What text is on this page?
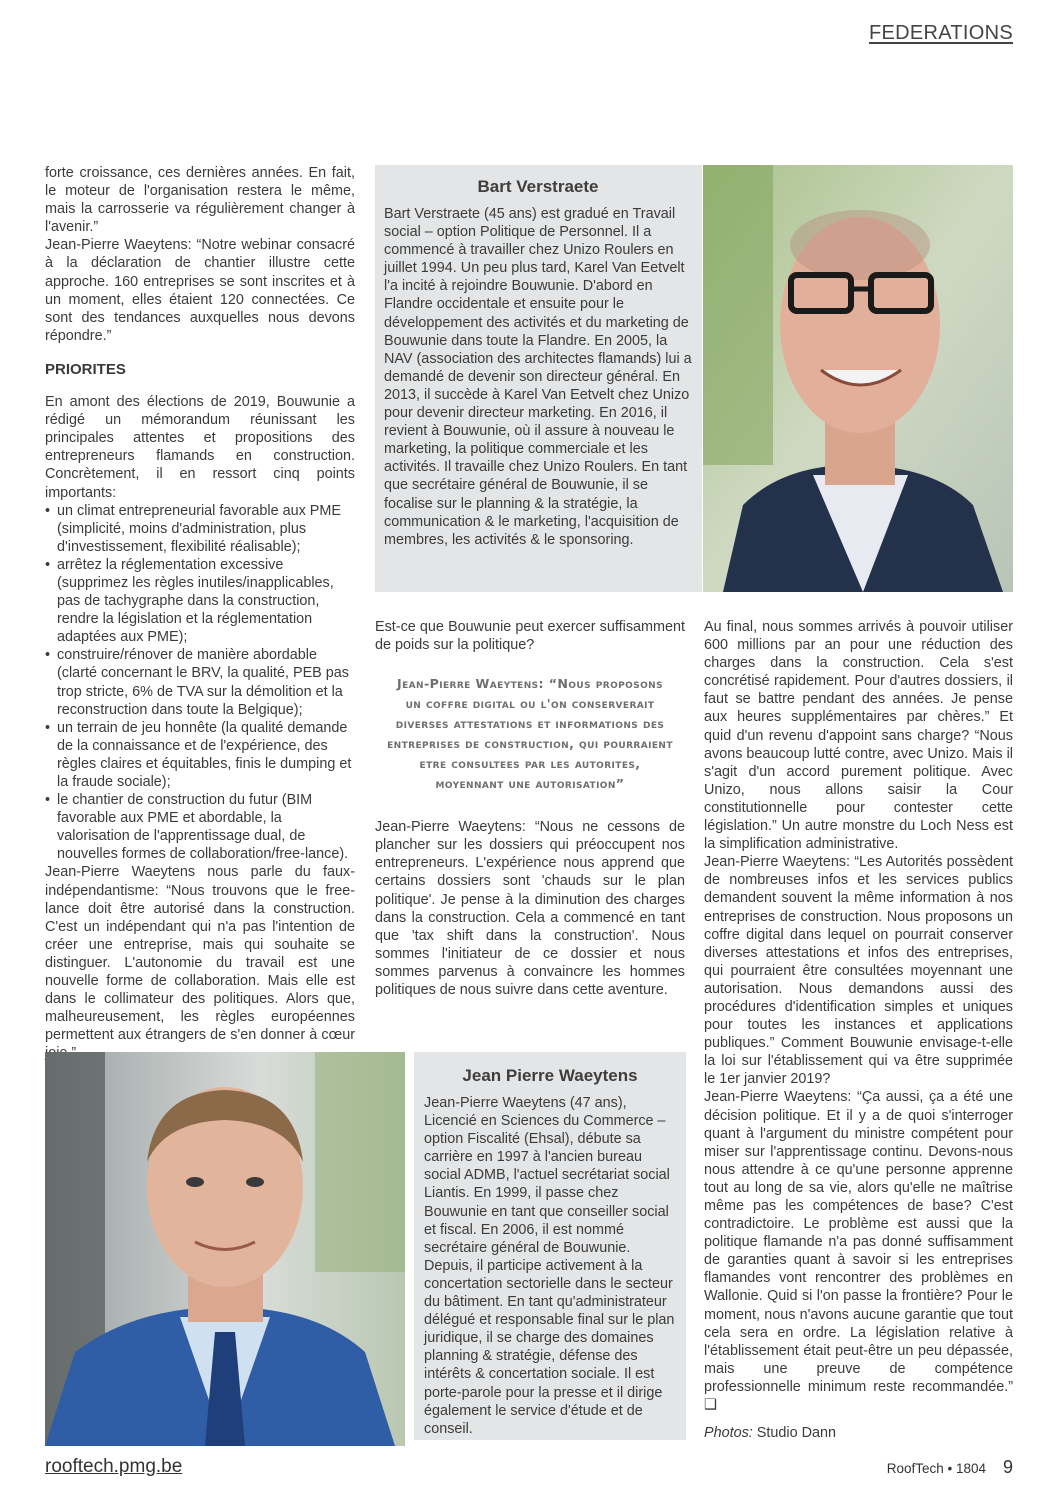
FEDERATIONS

forte croissance, ces dernières années. En fait, le moteur de l'organisation restera le même, mais la carrosserie va régulièrement changer à l'avenir.”

Jean-Pierre Waeytens: “Notre webinar consacré à la déclaration de chantier illustre cette approche. 160 entreprises se sont inscrites et à un moment, elles étaient 120 connectées. Ce sont des tendances auxquelles nous devons répondre.”

PRIORITES

En amont des élections de 2019, Bouwunie a rédigé un mémorandum réunissant les principales attentes et propositions des entrepreneurs flamands en construction. Concrètement, il en ressort cinq points importants:

• un climat entrepreneurial favorable aux PME (simplicité, moins d'administration, plus d'investissement, flexibilité réalisable);
• arrêtez la réglementation excessive (supprimez les règles inutiles/inapplicables, pas de tachygraphe dans la construction, rendre la législation et la réglementation adaptées aux PME);
• construire/rénover de manière abordable (clarté concernant le BRV, la qualité, PEB pas trop stricte, 6% de TVA sur la démolition et la reconstruction dans toute la Belgique);
• un terrain de jeu honnête (la qualité demande de la connaissance et de l'expérience, des règles claires et équitables, finis le dumping et la fraude sociale);
• le chantier de construction du futur (BIM favorable aux PME et abordable, la valorisation de l'apprentissage dual, de nouvelles formes de collaboration/free-lance).

Jean-Pierre Waeytens nous parle du faux-indépendantisme: “Nous trouvons que le free-lance doit être autorisé dans la construction. C'est un indépendant qui n'a pas l'intention de créer une entreprise, mais qui souhaite se distinguer. L'autonomie du travail est une nouvelle forme de collaboration. Mais elle est dans le collimateur des politiques. Alors que, malheureusement, les règles européennes permettent aux étrangers de s'en donner à cœur

Bart Verstraete
Bart Verstraete (45 ans) est gradué en Travail social – option Politique de Personnel. Il a commencé à travailler chez Unizo Roulers en juillet 1994. Un peu plus tard, Karel Van Eetvelt l'a incité à rejoindre Bouwunie. D'abord en Flandre occidentale et ensuite pour le développement des activités et du marketing de Bouwunie dans toute la Flandre. En 2005, la NAV (association des architectes flamands) lui a demandé de devenir son directeur général. En 2013, il succède à Karel Van Eetvelt chez Unizo pour devenir directeur marketing. En 2016, il revient à Bouwunie, où il assure à nouveau le marketing, la politique commerciale et les activités. Il travaille chez Unizo Roulers. En tant que secrétaire général de Bouwunie, il se focalise sur le planning & la stratégie, la communication & le marketing, l'acquisition de membres, les activités & le sponsoring.

Est-ce que Bouwunie peut exercer suffisamment de poids sur la politique?

Jean-Pierre Waeytens: “Nous proposons un coffre digital ou l'on conserverait diverses attestations et informations des entreprises de construction, qui pourraient etre consultees par les autorites, moyennant une autorisation”

Jean-Pierre Waeytens: “Nous ne cessons de plancher sur les dossiers qui préoccupent nos entrepreneurs. L'expérience nous apprend que certains dossiers sont 'chauds sur le plan politique'. Je pense à la diminution des charges dans la construction. Cela a commencé en tant que 'tax shift dans la construction'. Nous sommes l'initiateur de ce dossier et nous sommes parvenus à convaincre les hommes politiques de nous suivre dans cette aventure.

Au final, nous sommes arrivés à pouvoir utiliser 600 millions par an pour une réduction des charges dans la construction. Cela s'est concrétisé rapidement. Pour d'autres dossiers, il faut se battre pendant des années. Je pense aux heures supplémentaires par chères.” Et quid d'un revenu d'appoint sans charge? “Nous avons beaucoup lutté contre, avec Unizo. Mais il s'agit d'un accord purement politique. Avec Unizo, nous allons saisir la Cour constitutionnelle pour contester cette législation.” Un autre monstre du Loch Ness est la simplification administrative.

Jean-Pierre Waeytens: “Les Autorités possèdent de nombreuses infos et les services publics demandent souvent la même information à nos entreprises de construction. Nous proposons un coffre digital dans lequel on pourrait conserver diverses attestations et infos des entreprises, qui pourraient être consultées moyennant une autorisation. Nous demandons aussi des procédures d'identification simples et uniques pour toutes les instances et applications publiques.” Comment Bouwunie envisage-t-elle la loi sur l'établissement qui va être supprimée le 1er janvier 2019?

Jean-Pierre Waeytens: “Ça aussi, ça a été une décision politique. Et il y a de quoi s'interroger quant à l'argument du ministre compétent pour miser sur l'apprentissage continu. Devons-nous nous attendre à ce qu'une personne apprenne tout au long de sa vie, alors qu'elle ne maîtrise même pas les compétences de base? C'est contradictoire. Le problème est aussi que la politique flamande n'a pas donné suffisamment de garanties quant à savoir si les entreprises flamandes vont rencontrer des problèmes en Wallonie. Quid si l'on passe la frontière? Pour le moment, nous n'avons aucune garantie que tout cela sera en ordre. La législation relative à l'établissement était peut-être un peu dépassée, mais une preuve de compétence professionnelle minimum reste recommandée.” ❑

Photos: Studio Dann

Jean Pierre Waeytens
Jean-Pierre Waeytens (47 ans), Licencié en Sciences du Commerce – option Fiscalité (Ehsal), débute sa carrière en 1997 à l'ancien bureau social ADMB, l'actuel secrétariat social Liantis. En 1999, il passe chez Bouwunie en tant que conseiller social et fiscal. En 2006, il est nommé secrétaire général de Bouwunie. Depuis, il participe activement à la concertation sectorielle dans le secteur du bâtiment. En tant qu'administrateur délégué et responsable final sur le plan juridique, il se charge des domaines planning & stratégie, défense des intérêts & concertation sociale. Il est porte-parole pour la presse et il dirige également le service d'étude et de conseil.
rooftech.pmg.be	RoofTech • 1804 9
